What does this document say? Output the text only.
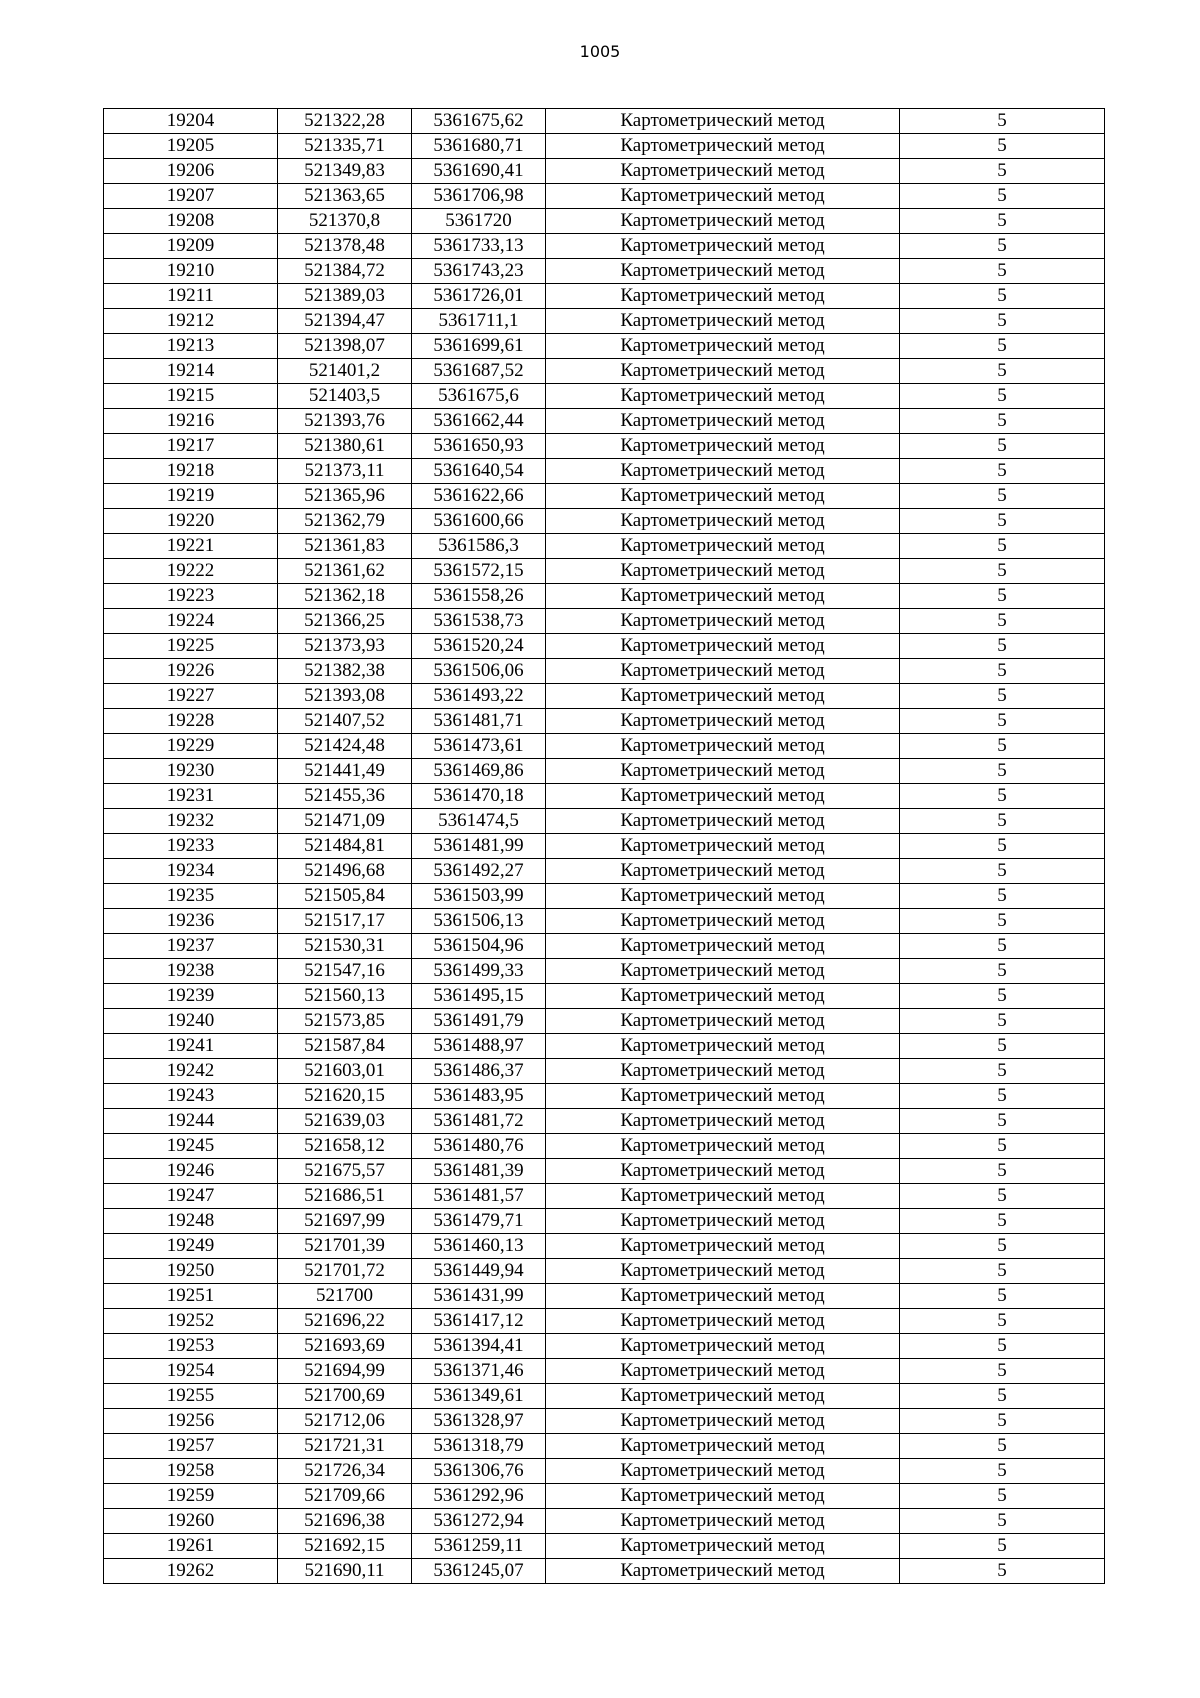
1005
19204	521322,28	5361675,62	Картометрический метод	5
19205	521335,71	5361680,71	Картометрический метод	5
19206	521349,83	5361690,41	Картометрический метод	5
19207	521363,65	5361706,98	Картометрический метод	5
19208	521370,8	5361720	Картометрический метод	5
19209	521378,48	5361733,13	Картометрический метод	5
19210	521384,72	5361743,23	Картометрический метод	5
19211	521389,03	5361726,01	Картометрический метод	5
19212	521394,47	5361711,1	Картометрический метод	5
19213	521398,07	5361699,61	Картометрический метод	5
19214	521401,2	5361687,52	Картометрический метод	5
19215	521403,5	5361675,6	Картометрический метод	5
19216	521393,76	5361662,44	Картометрический метод	5
19217	521380,61	5361650,93	Картометрический метод	5
19218	521373,11	5361640,54	Картометрический метод	5
19219	521365,96	5361622,66	Картометрический метод	5
19220	521362,79	5361600,66	Картометрический метод	5
19221	521361,83	5361586,3	Картометрический метод	5
19222	521361,62	5361572,15	Картометрический метод	5
19223	521362,18	5361558,26	Картометрический метод	5
19224	521366,25	5361538,73	Картометрический метод	5
19225	521373,93	5361520,24	Картометрический метод	5
19226	521382,38	5361506,06	Картометрический метод	5
19227	521393,08	5361493,22	Картометрический метод	5
19228	521407,52	5361481,71	Картометрический метод	5
19229	521424,48	5361473,61	Картометрический метод	5
19230	521441,49	5361469,86	Картометрический метод	5
19231	521455,36	5361470,18	Картометрический метод	5
19232	521471,09	5361474,5	Картометрический метод	5
19233	521484,81	5361481,99	Картометрический метод	5
19234	521496,68	5361492,27	Картометрический метод	5
19235	521505,84	5361503,99	Картометрический метод	5
19236	521517,17	5361506,13	Картометрический метод	5
19237	521530,31	5361504,96	Картометрический метод	5
19238	521547,16	5361499,33	Картометрический метод	5
19239	521560,13	5361495,15	Картометрический метод	5
19240	521573,85	5361491,79	Картометрический метод	5
19241	521587,84	5361488,97	Картометрический метод	5
19242	521603,01	5361486,37	Картометрический метод	5
19243	521620,15	5361483,95	Картометрический метод	5
19244	521639,03	5361481,72	Картометрический метод	5
19245	521658,12	5361480,76	Картометрический метод	5
19246	521675,57	5361481,39	Картометрический метод	5
19247	521686,51	5361481,57	Картометрический метод	5
19248	521697,99	5361479,71	Картометрический метод	5
19249	521701,39	5361460,13	Картометрический метод	5
19250	521701,72	5361449,94	Картометрический метод	5
19251	521700	5361431,99	Картометрический метод	5
19252	521696,22	5361417,12	Картометрический метод	5
19253	521693,69	5361394,41	Картометрический метод	5
19254	521694,99	5361371,46	Картометрический метод	5
19255	521700,69	5361349,61	Картометрический метод	5
19256	521712,06	5361328,97	Картометрический метод	5
19257	521721,31	5361318,79	Картометрический метод	5
19258	521726,34	5361306,76	Картометрический метод	5
19259	521709,66	5361292,96	Картометрический метод	5
19260	521696,38	5361272,94	Картометрический метод	5
19261	521692,15	5361259,11	Картометрический метод	5
19262	521690,11	5361245,07	Картометрический метод	5
